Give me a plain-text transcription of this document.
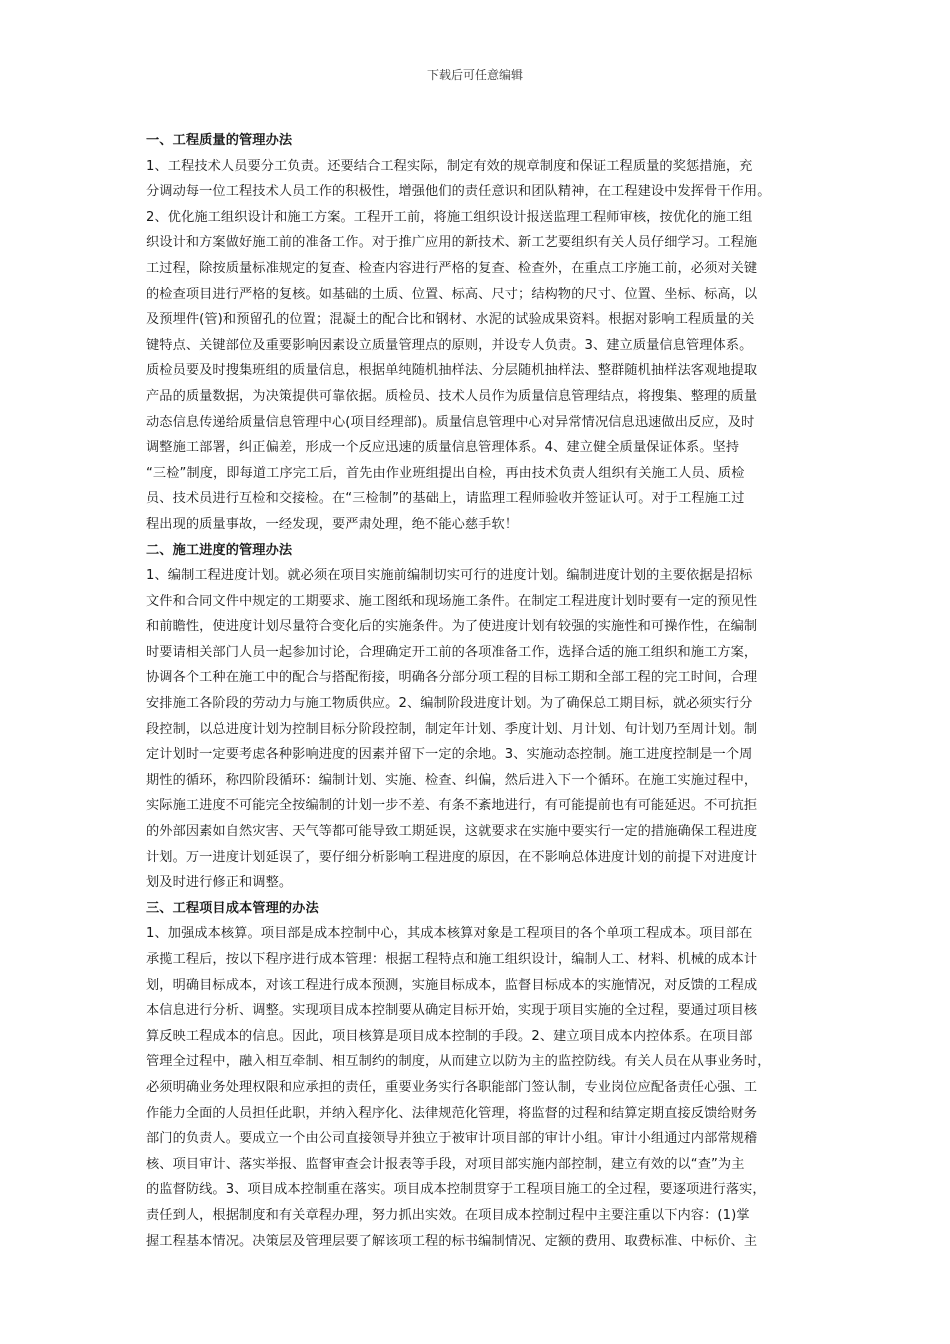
下载后可任意编辑
一、工程质量的管理办法
1、工程技术人员要分工负责。还要结合工程实际，制定有效的规章制度和保证工程质量的奖惩措施，充
分调动每一位工程技术人员工作的积极性，增强他们的责任意识和团队精神，在工程建设中发挥骨干作用。
2、优化施工组织设计和施工方案。工程开工前，将施工组织设计报送监理工程师审核，按优化的施工组
织设计和方案做好施工前的准备工作。对于推广应用的新技术、新工艺要组织有关人员仔细学习。工程施
工过程，除按质量标准规定的复查、检查内容进行严格的复查、检查外，在重点工序施工前，必须对关键
的检查项目进行严格的复核。如基础的土质、位置、标高、尺寸；结构物的尺寸、位置、坐标、标高，以
及预埋件(管)和预留孔的位置；混凝土的配合比和钢材、水泥的试验成果资料。根据对影响工程质量的关
键特点、关键部位及重要影响因素设立质量管理点的原则，并设专人负责。3、建立质量信息管理体系。
质检员要及时搜集班组的质量信息，根据单纯随机抽样法、分层随机抽样法、整群随机抽样法客观地提取
产品的质量数据，为决策提供可靠依据。质检员、技术人员作为质量信息管理结点，将搜集、整理的质量
动态信息传递给质量信息管理中心(项目经理部)。质量信息管理中心对异常情况信息迅速做出反应，及时
调整施工部署，纠正偏差，形成一个反应迅速的质量信息管理体系。4、建立健全质量保证体系。坚持
“三检”制度，即每道工序完工后，首先由作业班组提出自检，再由技术负责人组织有关施工人员、质检
员、技术员进行互检和交接检。在“三检制”的基础上，请监理工程师验收并签证认可。对于工程施工过
程出现的质量事故，一经发现，要严肃处理，绝不能心慈手软！
二、施工进度的管理办法
1、编制工程进度计划。就必须在项目实施前编制切实可行的进度计划。编制进度计划的主要依据是招标
文件和合同文件中规定的工期要求、施工图纸和现场施工条件。在制定工程进度计划时要有一定的预见性
和前瞻性，使进度计划尽量符合变化后的实施条件。为了使进度计划有较强的实施性和可操作性，在编制
时要请相关部门人员一起参加讨论，合理确定开工前的各项准备工作，选择合适的施工组织和施工方案，
协调各个工种在施工中的配合与搭配衔接，明确各分部分项工程的目标工期和全部工程的完工时间，合理
安排施工各阶段的劳动力与施工物质供应。2、编制阶段进度计划。为了确保总工期目标，就必须实行分
段控制，以总进度计划为控制目标分阶段控制，制定年计划、季度计划、月计划、旬计划乃至周计划。制
定计划时一定要考虑各种影响进度的因素并留下一定的余地。3、实施动态控制。施工进度控制是一个周
期性的循环，称四阶段循环：编制计划、实施、检查、纠偏，然后进入下一个循环。在施工实施过程中，
实际施工进度不可能完全按编制的计划一步不差、有条不紊地进行，有可能提前也有可能延迟。不可抗拒
的外部因素如自然灾害、天气等都可能导致工期延误，这就要求在实施中要实行一定的措施确保工程进度
计划。万一进度计划延误了，要仔细分析影响工程进度的原因，在不影响总体进度计划的前提下对进度计
划及时进行修正和调整。
三、工程项目成本管理的办法
1、加强成本核算。项目部是成本控制中心，其成本核算对象是工程项目的各个单项工程成本。项目部在
承揽工程后，按以下程序进行成本管理：根据工程特点和施工组织设计，编制人工、材料、机械的成本计
划，明确目标成本，对该工程进行成本预测，实施目标成本，监督目标成本的实施情况，对反馈的工程成
本信息进行分析、调整。实现项目成本控制要从确定目标开始，实现于项目实施的全过程，要通过项目核
算反映工程成本的信息。因此，项目核算是项目成本控制的手段。2、建立项目成本内控体系。在项目部
管理全过程中，融入相互牵制、相互制约的制度，从而建立以防为主的监控防线。有关人员在从事业务时，
必须明确业务处理权限和应承担的责任，重要业务实行各职能部门签认制，专业岗位应配备责任心强、工
作能力全面的人员担任此职，并纳入程序化、法律规范化管理，将监督的过程和结算定期直接反馈给财务
部门的负责人。要成立一个由公司直接领导并独立于被审计项目部的审计小组。审计小组通过内部常规稽
核、项目审计、落实举报、监督审查会计报表等手段，对项目部实施内部控制，建立有效的以“查”为主
的监督防线。3、项目成本控制重在落实。项目成本控制贯穿于工程项目施工的全过程，要逐项进行落实，
责任到人，根据制度和有关章程办理，努力抓出实效。在项目成本控制过程中主要注重以下内容：(1)掌
握工程基本情况。决策层及管理层要了解该项工程的标书编制情况、定额的费用、取费标准、中标价、主
